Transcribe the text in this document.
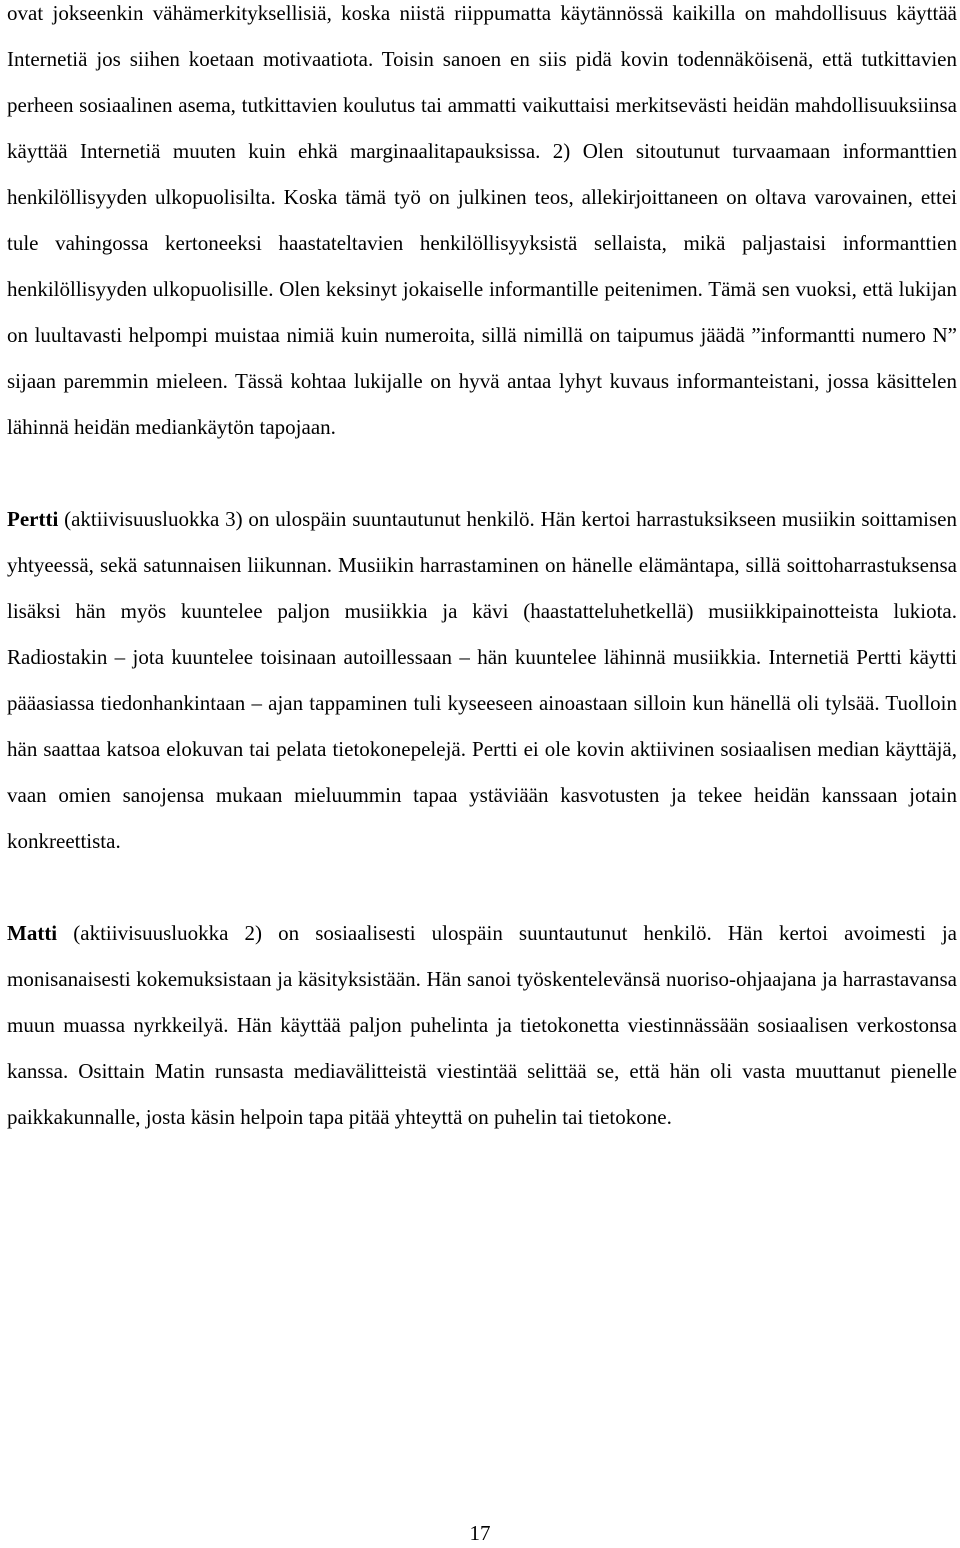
ovat jokseenkin vähämerkityksellisiä, koska niistä riippumatta käytännössä kaikilla on mahdollisuus käyttää Internetiä jos siihen koetaan motivaatiota. Toisin sanoen en siis pidä kovin todennäköisenä, että tutkittavien perheen sosiaalinen asema, tutkittavien koulutus tai ammatti vaikuttaisi merkitsevästi heidän mahdollisuuksiinsa käyttää Internetiä muuten kuin ehkä marginaalitapauksissa. 2) Olen sitoutunut turvaamaan informanttien henkilöllisyyden ulkopuolisilta. Koska tämä työ on julkinen teos, allekirjoittaneen on oltava varovainen, ettei tule vahingossa kertoneeksi haastateltavien henkilöllisyyksistä sellaista, mikä paljastaisi informanttien henkilöllisyyden ulkopuolisille. Olen keksinyt jokaiselle informantille peitenimen. Tämä sen vuoksi, että lukijan on luultavasti helpompi muistaa nimiä kuin numeroita, sillä nimillä on taipumus jäädä ”informantti numero N” sijaan paremmin mieleen. Tässä kohtaa lukijalle on hyvä antaa lyhyt kuvaus informanteistani, jossa käsittelen lähinnä heidän mediankäytön tapojaan.

Pertti (aktiivisuusluokka 3) on ulospäin suuntautunut henkilö. Hän kertoi harrastuksikseen musiikin soittamisen yhtyeessä, sekä satunnaisen liikunnan. Musiikin harrastaminen on hänelle elämäntapa, sillä soittoharrastuksensa lisäksi hän myös kuuntelee paljon musiikkia ja kävi (haastatteluhetkellä) musiikkipainotteista lukiota. Radiostakin – jota kuuntelee toisinaan autoillessaan – hän kuuntelee lähinnä musiikkia. Internetiä Pertti käytti pääasiassa tiedonhankintaan – ajan tappaminen tuli kyseeseen ainoastaan silloin kun hänellä oli tylsää. Tuolloin hän saattaa katsoa elokuvan tai pelata tietokonepelejä. Pertti ei ole kovin aktiivinen sosiaalisen median käyttäjä, vaan omien sanojensa mukaan mieluummin tapaa ystäviään kasvotusten ja tekee heidän kanssaan jotain konkreettista.

Matti (aktiivisuusluokka 2) on sosiaalisesti ulospäin suuntautunut henkilö. Hän kertoi avoimesti ja monisanaisesti kokemuksistaan ja käsityksistään. Hän sanoi työskentelevänsä nuoriso-ohjaajana ja harrastavansa muun muassa nyrkkeilyä. Hän käyttää paljon puhelinta ja tietokonetta viestinnässään sosiaalisen verkostonsa kanssa. Osittain Matin runsasta mediavälitteistä viestintää selittää se, että hän oli vasta muuttanut pienelle paikkakunnalle, josta käsin helpoin tapa pitää yhteyttä on puhelin tai tietokone.

17
